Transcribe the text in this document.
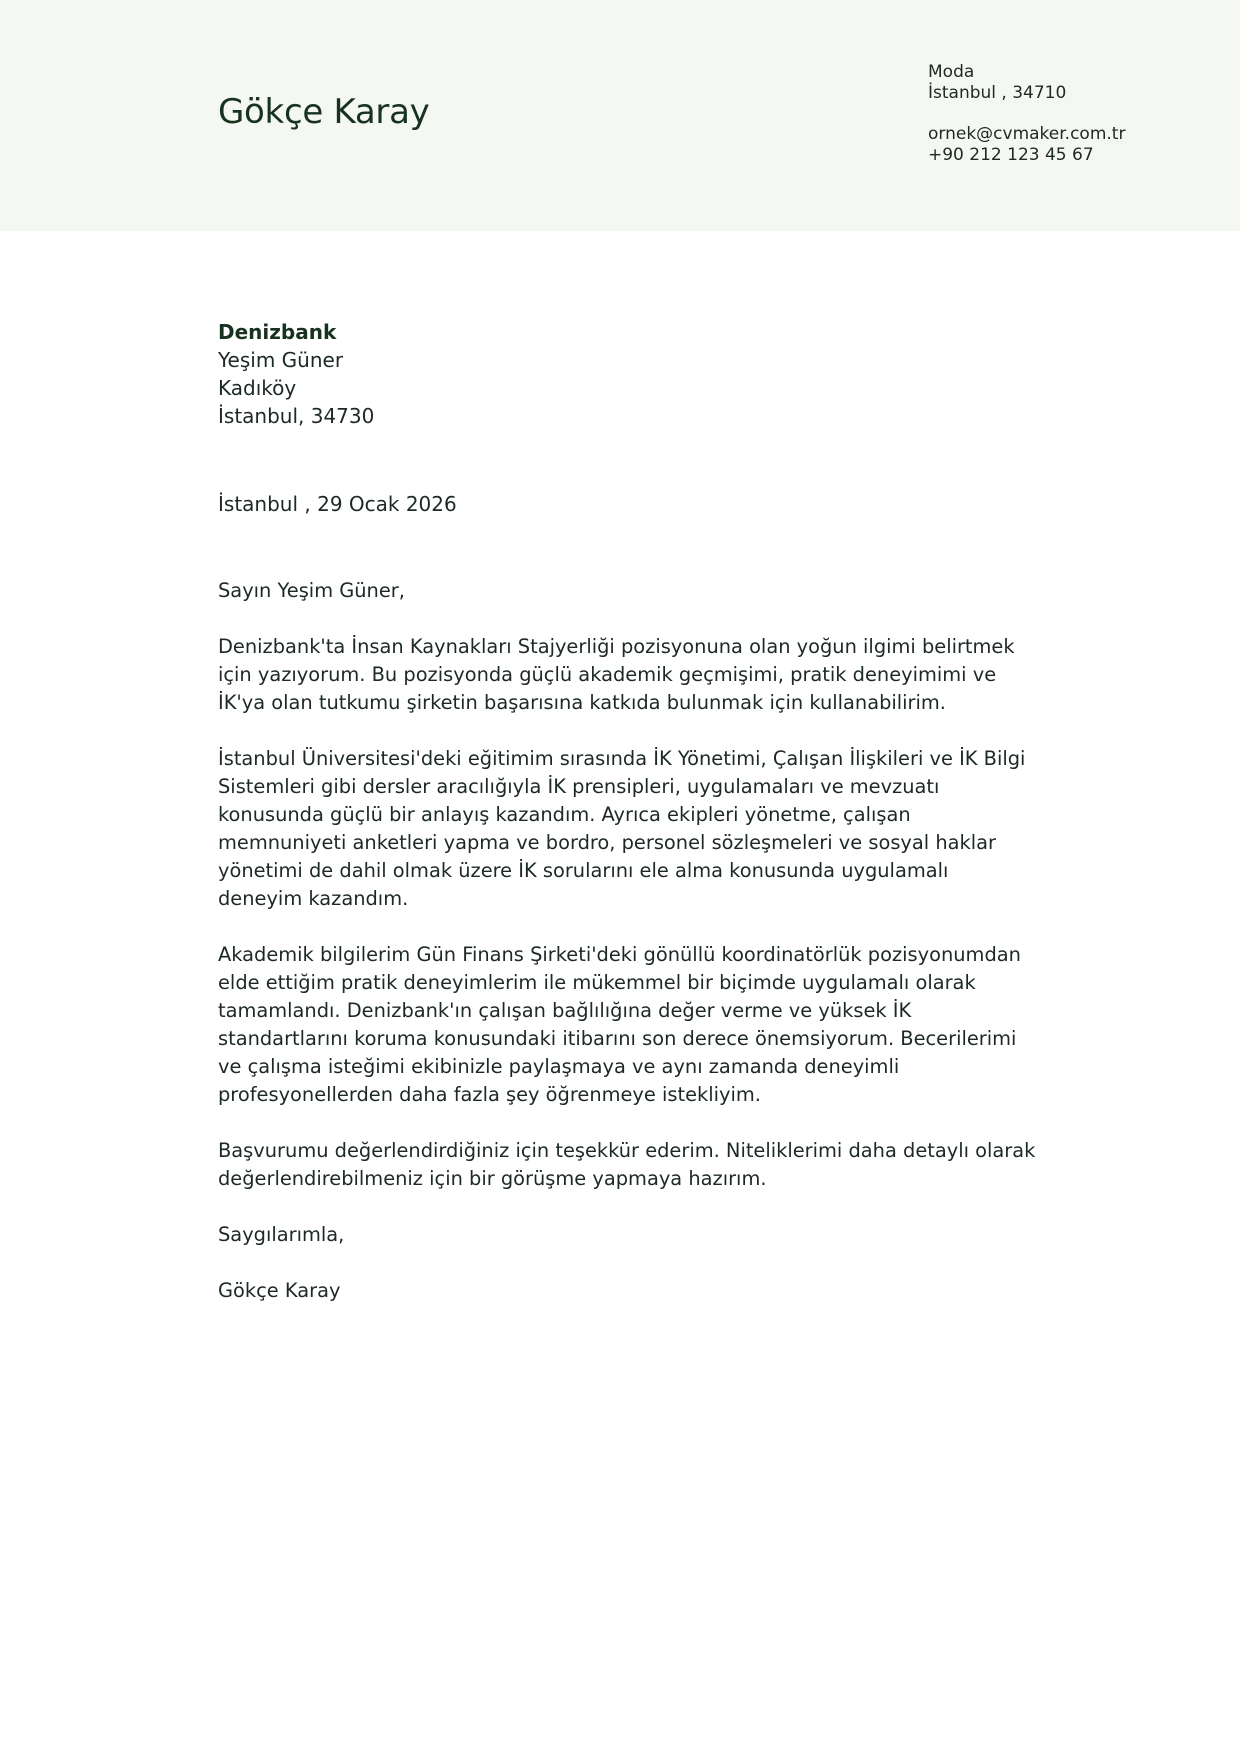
Gökçe Karay
Moda
İstanbul , 34710
ornek@cvmaker.com.tr
+90 212 123 45 67
Denizbank
Yeşim Güner
Kadıköy
İstanbul, 34730
İstanbul , 29 Ocak 2026

Sayın Yeşim Güner,

Denizbank'ta İnsan Kaynakları Stajyerliği pozisyonuna olan yoğun ilgimi belirtmek için yazıyorum. Bu pozisyonda güçlü akademik geçmişimi, pratik deneyimimi ve İK'ya olan tutkumu şirketin başarısına katkıda bulunmak için kullanabilirim.

İstanbul Üniversitesi'deki eğitimim sırasında İK Yönetimi, Çalışan İlişkileri ve İK Bilgi Sistemleri gibi dersler aracılığıyla İK prensipleri, uygulamaları ve mevzuatı konusunda güçlü bir anlayış kazandım. Ayrıca ekipleri yönetme, çalışan memnuniyeti anketleri yapma ve bordro, personel sözleşmeleri ve sosyal haklar yönetimi de dahil olmak üzere İK sorularını ele alma konusunda uygulamalı deneyim kazandım.

Akademik bilgilerim Gün Finans Şirketi'deki gönüllü koordinatörlük pozisyonumdan elde ettiğim pratik deneyimlerim ile mükemmel bir biçimde uygulamalı olarak tamamlandı. Denizbank'ın çalışan bağlılığına değer verme ve yüksek İK standartlarını koruma konusundaki itibarını son derece önemsiyorum. Becerilerimi ve çalışma isteğimi ekibinizle paylaşmaya ve aynı zamanda deneyimli profesyonellerden daha fazla şey öğrenmeye istekliyim.

Başvurumu değerlendirdiğiniz için teşekkür ederim. Niteliklerimi daha detaylı olarak değerlendirebilmeniz için bir görüşme yapmaya hazırım.

Saygılarımla,

Gökçe Karay
